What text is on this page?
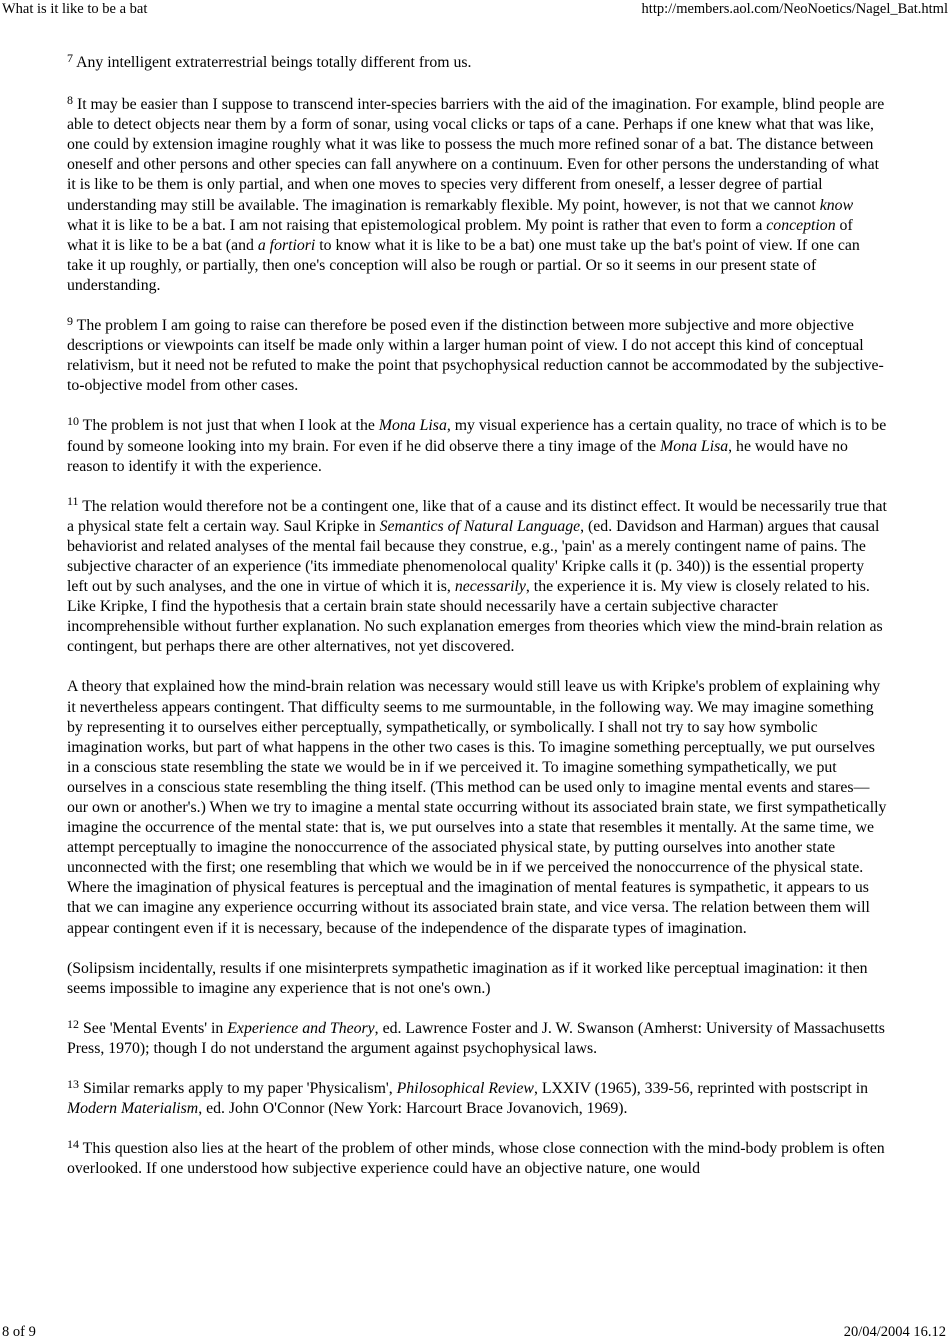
What is it like to be a bat	http://members.aol.com/NeoNoetics/Nagel_Bat.html

$^7$ Any intelligent extraterrestrial beings totally different from us.

$^8$ It may be easier than I suppose to transcend inter-species barriers with the aid of the imagination. For example, blind people are able to detect objects near them by a form of sonar, using vocal clicks or taps of a cane. Perhaps if one knew what that was like, one could by extension imagine roughly what it was like to possess the much more refined sonar of a bat. The distance between oneself and other persons and other species can fall anywhere on a continuum. Even for other persons the understanding of what it is like to be them is only partial, and when one moves to species very different from oneself, a lesser degree of partial understanding may still be available. The imagination is remarkably flexible. My point, however, is not that we cannot know what it is like to be a bat. I am not raising that epistemological problem. My point is rather that even to form a conception of what it is like to be a bat (and a fortiori to know what it is like to be a bat) one must take up the bat's point of view. If one can take it up roughly, or partially, then one's conception will also be rough or partial. Or so it seems in our present state of understanding.

$^9$ The problem I am going to raise can therefore be posed even if the distinction between more subjective and more objective descriptions or viewpoints can itself be made only within a larger human point of view. I do not accept this kind of conceptual relativism, but it need not be refuted to make the point that psychophysical reduction cannot be accommodated by the subjective-to-objective model from other cases.

$^{10}$ The problem is not just that when I look at the Mona Lisa, my visual experience has a certain quality, no trace of which is to be found by someone looking into my brain. For even if he did observe there a tiny image of the Mona Lisa, he would have no reason to identify it with the experience.

$^{11}$ The relation would therefore not be a contingent one, like that of a cause and its distinct effect. It would be necessarily true that a physical state felt a certain way. Saul Kripke in Semantics of Natural Language, (ed. Davidson and Harman) argues that causal behaviorist and related analyses of the mental fail because they construe, e.g., 'pain' as a merely contingent name of pains. The subjective character of an experience ('its immediate phenomenolocal quality' Kripke calls it (p. 340)) is the essential property left out by such analyses, and the one in virtue of which it is, necessarily, the experience it is. My view is closely related to his. Like Kripke, I find the hypothesis that a certain brain state should necessarily have a certain subjective character incomprehensible without further explanation. No such explanation emerges from theories which view the mind-brain relation as contingent, but perhaps there are other alternatives, not yet discovered.

A theory that explained how the mind-brain relation was necessary would still leave us with Kripke's problem of explaining why it nevertheless appears contingent. That difficulty seems to me surmountable, in the following way. We may imagine something by representing it to ourselves either perceptually, sympathetically, or symbolically. I shall not try to say how symbolic imagination works, but part of what happens in the other two cases is this. To imagine something perceptually, we put ourselves in a conscious state resembling the state we would be in if we perceived it. To imagine something sympathetically, we put ourselves in a conscious state resembling the thing itself. (This method can be used only to imagine mental events and stares—our own or another's.) When we try to imagine a mental state occurring without its associated brain state, we first sympathetically imagine the occurrence of the mental state: that is, we put ourselves into a state that resembles it mentally. At the same time, we attempt perceptually to imagine the nonoccurrence of the associated physical state, by putting ourselves into another state unconnected with the first; one resembling that which we would be in if we perceived the nonoccurrence of the physical state. Where the imagination of physical features is perceptual and the imagination of mental features is sympathetic, it appears to us that we can imagine any experience occurring without its associated brain state, and vice versa. The relation between them will appear contingent even if it is necessary, because of the independence of the disparate types of imagination.

(Solipsism incidentally, results if one misinterprets sympathetic imagination as if it worked like perceptual imagination: it then seems impossible to imagine any experience that is not one's own.)

$^{12}$ See 'Mental Events' in Experience and Theory, ed. Lawrence Foster and J. W. Swanson (Amherst: University of Massachusetts Press, 1970); though I do not understand the argument against psychophysical laws.

$^{13}$ Similar remarks apply to my paper 'Physicalism', Philosophical Review, LXXIV (1965), 339-56, reprinted with postscript in Modern Materialism, ed. John O'Connor (New York: Harcourt Brace Jovanovich, 1969).

$^{14}$ This question also lies at the heart of the problem of other minds, whose close connection with the mind-body problem is often overlooked. If one understood how subjective experience could have an objective nature, one would

8 of 9	20/04/2004 16.12
